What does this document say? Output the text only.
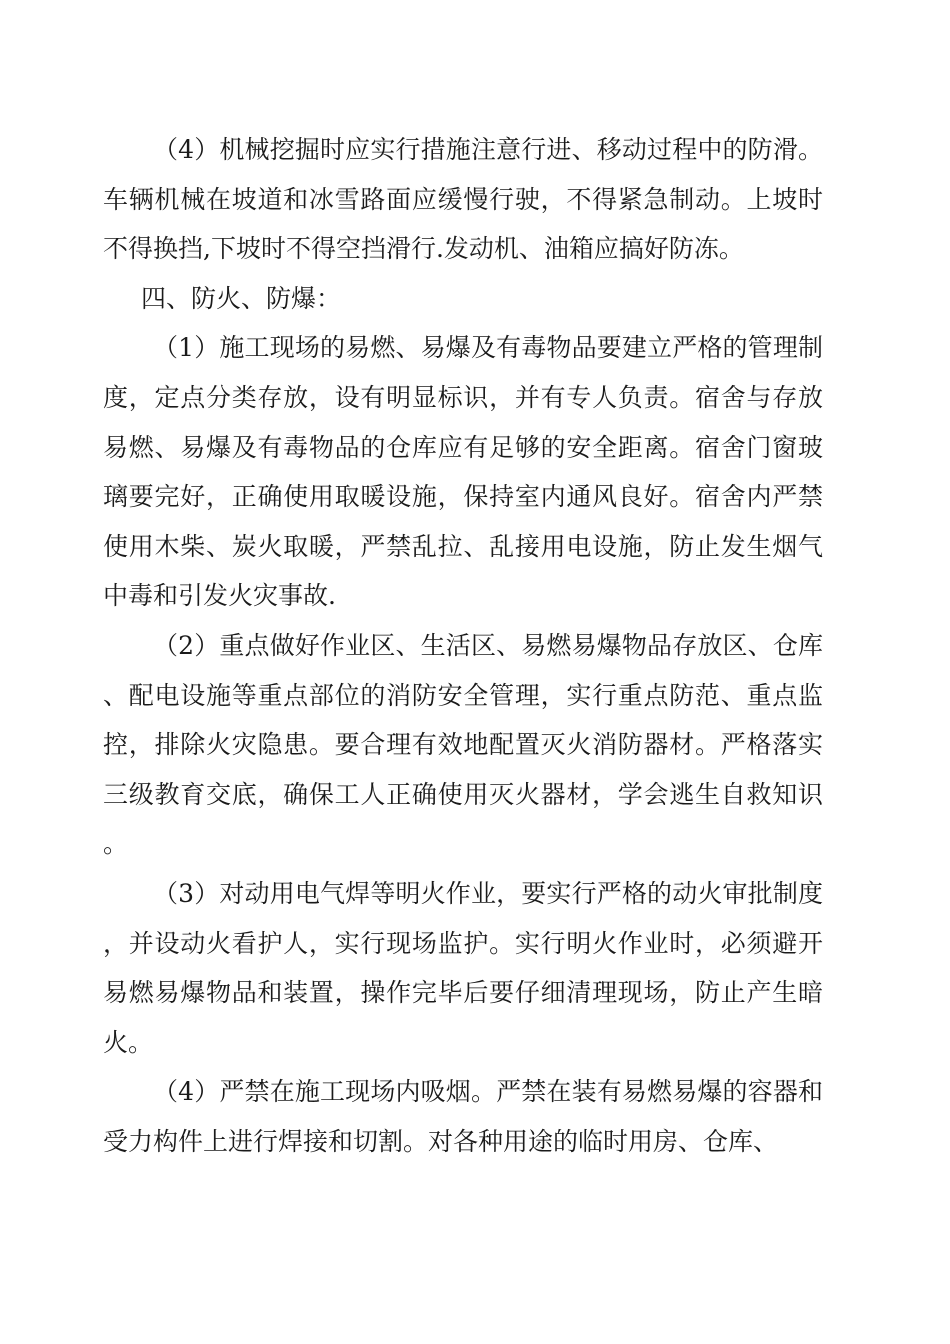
（4）机械挖掘时应实行措施注意行进、移动过程中的防滑。车辆机械在坡道和冰雪路面应缓慢行驶，不得紧急制动。上坡时不得换挡,下坡时不得空挡滑行.发动机、油箱应搞好防冻。

四、防火、防爆：

（1）施工现场的易燃、易爆及有毒物品要建立严格的管理制度，定点分类存放，设有明显标识，并有专人负责。宿舍与存放易燃、易爆及有毒物品的仓库应有足够的安全距离。宿舍门窗玻璃要完好，正确使用取暖设施，保持室内通风良好。宿舍内严禁使用木柴、炭火取暖，严禁乱拉、乱接用电设施，防止发生烟气中毒和引发火灾事故.

（2）重点做好作业区、生活区、易燃易爆物品存放区、仓库、配电设施等重点部位的消防安全管理，实行重点防范、重点监控，排除火灾隐患。要合理有效地配置灭火消防器材。严格落实三级教育交底，确保工人正确使用灭火器材，学会逃生自救知识。

（3）对动用电气焊等明火作业，要实行严格的动火审批制度，并设动火看护人，实行现场监护。实行明火作业时，必须避开易燃易爆物品和装置，操作完毕后要仔细清理现场，防止产生暗火。

（4）严禁在施工现场内吸烟。严禁在装有易燃易爆的容器和受力构件上进行焊接和切割。对各种用途的临时用房、仓库、
